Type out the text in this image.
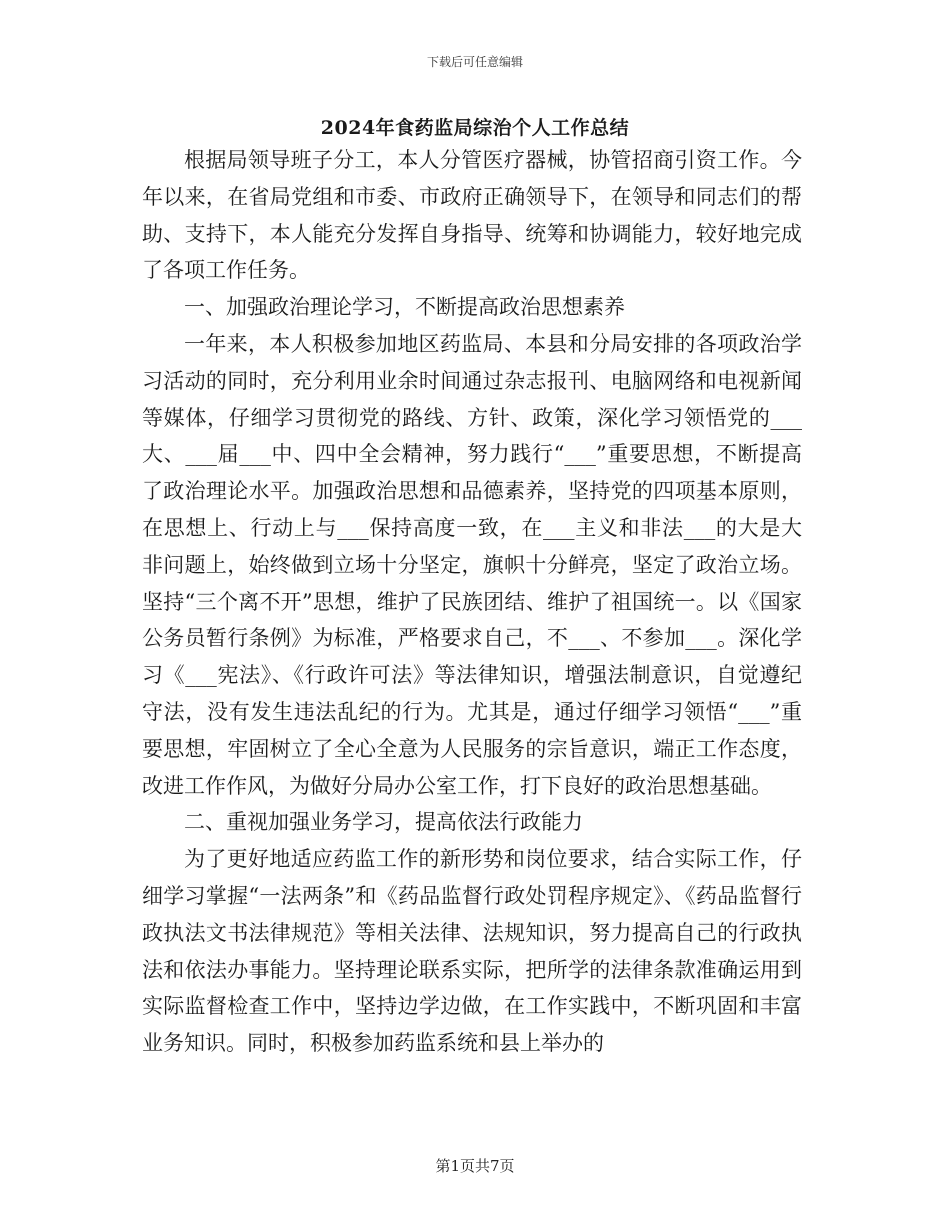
下载后可任意编辑
2024年食药监局综治个人工作总结

根据局领导班子分工，本人分管医疗器械，协管招商引资工作。今年以来，在省局党组和市委、市政府正确领导下，在领导和同志们的帮助、支持下，本人能充分发挥自身指导、统筹和协调能力，较好地完成了各项工作任务。

一、加强政治理论学习，不断提高政治思想素养

一年来，本人积极参加地区药监局、本县和分局安排的各项政治学习活动的同时，充分利用业余时间通过杂志报刊、电脑网络和电视新闻等媒体，仔细学习贯彻党的路线、方针、政策，深化学习领悟党的___大、___届___中、四中全会精神，努力践行“___”重要思想，不断提高了政治理论水平。加强政治思想和品德素养，坚持党的四项基本原则，在思想上、行动上与___保持高度一致，在___主义和非法___的大是大非问题上，始终做到立场十分坚定，旗帜十分鲜亮，坚定了政治立场。坚持“三个离不开”思想，维护了民族团结、维护了祖国统一。以《国家公务员暂行条例》为标准，严格要求自己，不___、不参加___。深化学习《___宪法》、《行政许可法》等法律知识，增强法制意识，自觉遵纪守法，没有发生违法乱纪的行为。尤其是，通过仔细学习领悟“___”重要思想，牢固树立了全心全意为人民服务的宗旨意识，端正工作态度，改进工作作风，为做好分局办公室工作，打下良好的政治思想基础。

二、重视加强业务学习，提高依法行政能力

为了更好地适应药监工作的新形势和岗位要求，结合实际工作，仔细学习掌握“一法两条”和《药品监督行政处罚程序规定》、《药品监督行政执法文书法律规范》等相关法律、法规知识，努力提高自己的行政执法和依法办事能力。坚持理论联系实际，把所学的法律条款准确运用到实际监督检查工作中，坚持边学边做，在工作实践中，不断巩固和丰富业务知识。同时，积极参加药监系统和县上举办的

第1页共7页
